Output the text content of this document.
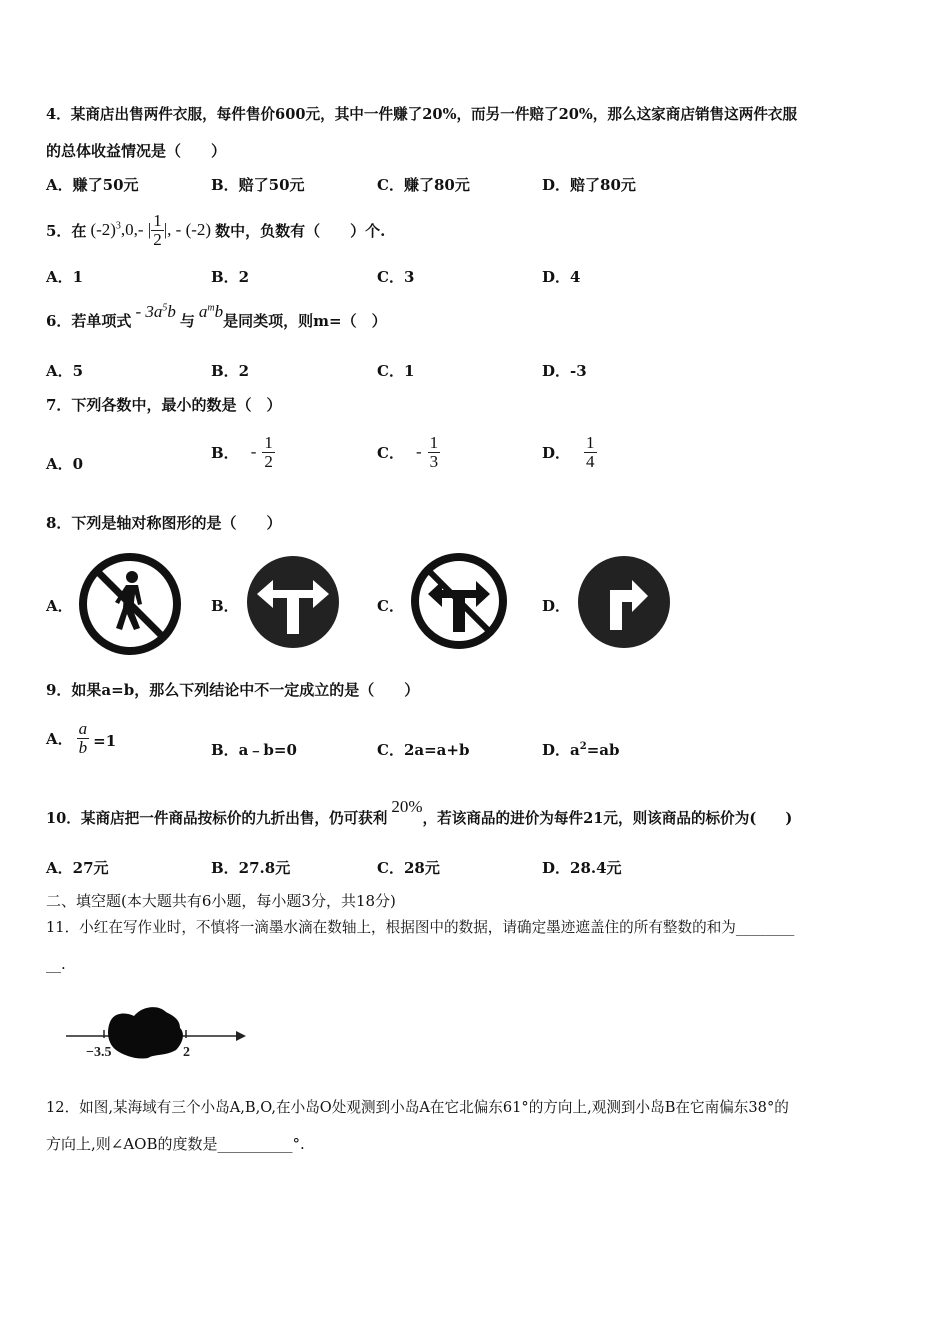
4．某商店出售两件衣服，每件售价600元，其中一件赚了20%，而另一件赔了20%，那么这家商店销售这两件衣服
的总体收益情况是（　　）
A．赚了50元	B．赔了50元	C．赚了80元	D．赔了80元
5．在 $(-2)^3$ ,0,- | $\frac{1}{2}$ |, - (-2) 数中，负数有（　　）个.
A．1	B．2	C．3	D．4
6．若单项式 - $3a^5b$ 与 $a^mb$ 是同类项，则m=（　）
A．5	B．2	C．1	D．-3
7．下列各数中，最小的数是（　）
A．0
B． - $\frac{1}{2}$	C． - $\frac{1}{3}$	D． $\frac{1}{4}$
8．下列是轴对称图形的是（　　）
A．	B．	C．	D．
9．如果a=b，那么下列结论中不一定成立的是（　　）
A． $\frac{a}{b} =1$	B．a﹣b=0	C．2a=a+b	D．$a^2=ab$
10．某商店把一件商品按标价的九折出售，仍可获利
20%
，若该商品的进价为每件21元，则该商品的标价为(　　)
A．27元	B．27.8元	C．28元	D．28.4元
二、填空题(本大题共有6小题，每小题3分，共18分)
11．小红在写作业时，不慎将一滴墨水滴在数轴上，根据图中的数据，请确定墨迹遮盖住的所有整数的和为________
__.
−3.5	2
12．如图,某海域有三个小岛A,B,O,在小岛O处观测到小岛A在它北偏东61°的方向上,观测到小岛B在它南偏东38°的
方向上,则∠AOB的度数是__________°.
